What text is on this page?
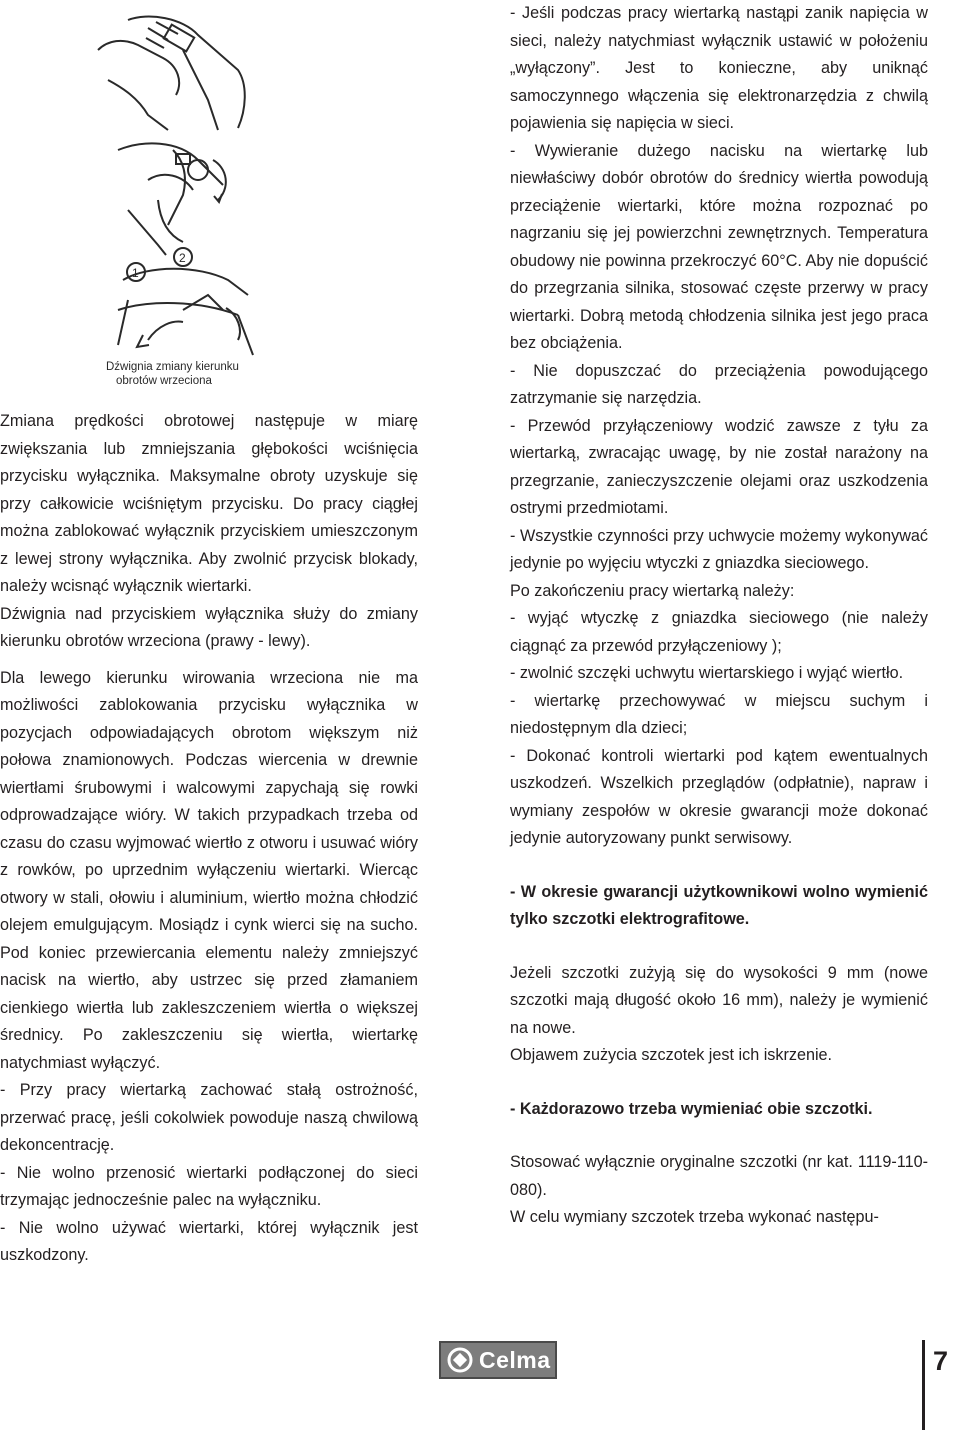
1
2
Dźwignia zmiany kierunku
obrotów wrzeciona

Zmiana prędkości obrotowej następuje w miarę zwiększania lub zmniejszania głębokości wciśnięcia przycisku wyłącznika. Maksymalne obroty uzyskuje się przy całkowicie wciśniętym przycisku. Do pracy ciągłej można zablokować wyłącznik przyciskiem umieszczonym z lewej strony wyłącznika. Aby zwolnić przycisk blokady, należy wcisnąć wyłącznik wiertarki.

Dźwignia nad przyciskiem wyłącznika służy do zmiany kierunku obrotów wrzeciona (prawy - lewy).

Dla lewego kierunku wirowania wrzeciona nie ma możliwości zablokowania przycisku wyłącznika w pozycjach odpowiadających obrotom większym niż połowa znamionowych. Podczas wiercenia w drewnie wiertłami śrubowymi i walcowymi zapychają się rowki odprowadzające wióry. W takich przypadkach trzeba od czasu do czasu wyjmować wiertło z otworu i usuwać wióry z rowków, po uprzednim wyłączeniu wiertarki. Wiercąc otwory w stali, ołowiu i aluminium, wiertło można chłodzić olejem emulgującym. Mosiądz i cynk wierci się na sucho. Pod koniec przewiercania elementu należy zmniejszyć nacisk na wiertło, aby ustrzec się przed złamaniem cienkiego wiertła lub zakleszczeniem wiertła o większej średnicy. Po zakleszczeniu się wiertła, wiertarkę natychmiast wyłączyć.

- Przy pracy wiertarką zachować stałą ostrożność, przerwać pracę, jeśli cokolwiek powoduje naszą chwilową dekoncentrację.

- Nie wolno przenosić wiertarki podłączonej do sieci trzymając jednocześnie palec na wyłączniku.

- Nie wolno używać wiertarki, której wyłącznik jest uszkodzony.

- Jeśli podczas pracy wiertarką nastąpi zanik napięcia w sieci, należy natychmiast wyłącznik ustawić w położeniu „wyłączony”. Jest to konieczne, aby uniknąć samoczynnego włączenia się elektronarzędzia z chwilą pojawienia się napięcia w sieci.

- Wywieranie dużego nacisku na wiertarkę lub niewłaściwy dobór obrotów do średnicy wiertła powodują przeciążenie wiertarki, które można rozpoznać po nagrzaniu się jej powierzchni zewnętrznych. Temperatura obudowy nie powinna przekroczyć 60°C. Aby nie dopuścić do przegrzania silnika, stosować częste przerwy w pracy wiertarki. Dobrą metodą chłodzenia silnika jest jego praca bez obciążenia.

- Nie dopuszczać do przeciążenia powodującego zatrzymanie się narzędzia.

- Przewód przyłączeniowy wodzić zawsze z tyłu za wiertarką, zwracając uwagę, by nie został narażony na przegrzanie, zanieczyszczenie olejami oraz uszkodzenia ostrymi przedmiotami.

- Wszystkie czynności przy uchwycie możemy wykonywać jedynie po wyjęciu wtyczki z gniazdka sieciowego.

Po zakończeniu pracy wiertarką należy:

- wyjąć wtyczkę z gniazdka sieciowego (nie należy ciągnąć za przewód przyłączeniowy );

- zwolnić szczęki uchwytu wiertarskiego i wyjąć wiertło.

- wiertarkę przechowywać w miejscu suchym i niedostępnym dla dzieci;

- Dokonać kontroli wiertarki pod kątem ewentualnych uszkodzeń. Wszelkich przeglądów (odpłatnie), napraw i wymiany zespołów w okresie gwarancji może dokonać jedynie autoryzowany punkt serwisowy.

- W okresie gwarancji użytkownikowi wolno wymienić tylko szczotki elektrografitowe.

Jeżeli szczotki zużyją się do wysokości 9 mm (nowe szczotki mają długość około 16 mm), należy je wymienić na nowe.

Objawem zużycia szczotek jest ich iskrzenie.

- Każdorazowo trzeba wymieniać obie szczotki.

Stosować wyłącznie oryginalne szczotki (nr kat. 1119-110-080).

W celu wymiany szczotek trzeba wykonać następu-

Celma	7
